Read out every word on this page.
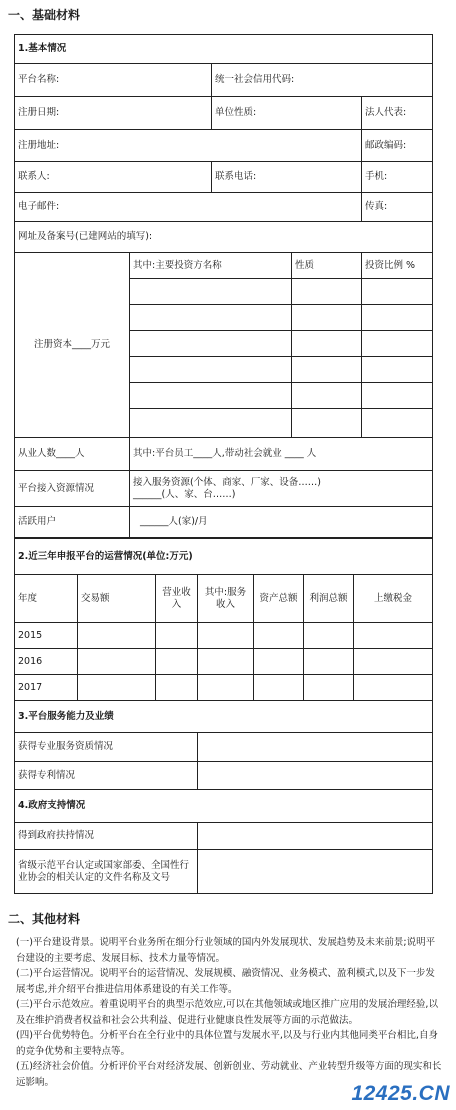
一、基础材料
1.基本情况				
平台名称:		统一社会信用代码:		
注册日期:		单位性质:		法人代表:
注册地址:				邮政编码:
联系人:		联系电话:		手机:
电子邮件:				传真:
网址及备案号(已建网站的填写):				
注册资本____万元	其中:主要投资方名称		性质	投资比例 %

从业人数____人	其中:平台员工____人,带动社会就业 ____ 人			
平台接入资源情况	接入服务资源(个体、商家、厂家、设备……)
______(人、家、台……)			

活跃用户	______人(家)/月			
2.近三年申报平台的运营情况(单位:万元)						
年度	交易额	营业收入	其中:服务收入	资产总额	利润总额	上缴税金
2015						
2016						
2017						
3.平台服务能力及业绩						
获得专业服务资质情况						
获得专利情况						
4.政府支持情况						
得到政府扶持情况						
省级示范平台认定或国家部委、全国性行业协会的相关认定的文件名称及文号						
二、其他材料

(一)平台建设背景。说明平台业务所在细分行业领域的国内外发展现状、发展趋势及未来前景;说明平台建设的主要考虑、发展目标、技术力量等情况。

(二)平台运营情况。说明平台的运营情况、发展规模、融资情况、业务模式、盈利模式,以及下一步发展考虑,并介绍平台推进信用体系建设的有关工作等。

(三)平台示范效应。着重说明平台的典型示范效应,可以在其他领域或地区推广应用的发展治理经验,以及在维护消费者权益和社会公共利益、促进行业健康良性发展等方面的示范做法。

(四)平台优势特色。分析平台在全行业中的具体位置与发展水平,以及与行业内其他同类平台相比,自身的竞争优势和主要特点等。

(五)经济社会价值。分析评价平台对经济发展、创新创业、劳动就业、产业转型升级等方面的现实和长远影响。	12425.CN
